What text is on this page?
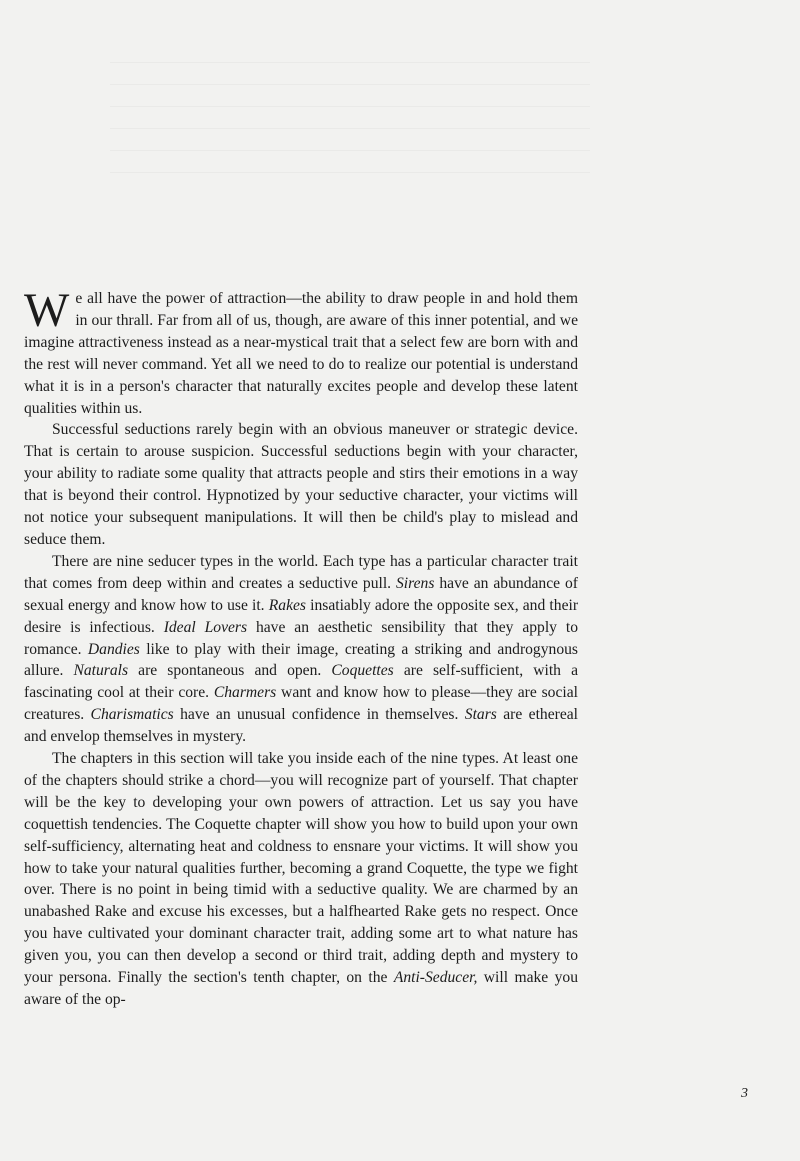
We all have the power of attraction—the ability to draw people in and hold them in our thrall. Far from all of us, though, are aware of this inner potential, and we imagine attractiveness instead as a near-mystical trait that a select few are born with and the rest will never command. Yet all we need to do to realize our potential is understand what it is in a person's character that naturally excites people and develop these latent qualities within us.

Successful seductions rarely begin with an obvious maneuver or strategic device. That is certain to arouse suspicion. Successful seductions begin with your character, your ability to radiate some quality that attracts people and stirs their emotions in a way that is beyond their control. Hypnotized by your seductive character, your victims will not notice your subsequent manipulations. It will then be child's play to mislead and seduce them.

There are nine seducer types in the world. Each type has a particular character trait that comes from deep within and creates a seductive pull. Sirens have an abundance of sexual energy and know how to use it. Rakes insatiably adore the opposite sex, and their desire is infectious. Ideal Lovers have an aesthetic sensibility that they apply to romance. Dandies like to play with their image, creating a striking and androgynous allure. Naturals are spontaneous and open. Coquettes are self-sufficient, with a fascinating cool at their core. Charmers want and know how to please—they are social creatures. Charismatics have an unusual confidence in themselves. Stars are ethereal and envelop themselves in mystery.

The chapters in this section will take you inside each of the nine types. At least one of the chapters should strike a chord—you will recognize part of yourself. That chapter will be the key to developing your own powers of attraction. Let us say you have coquettish tendencies. The Coquette chapter will show you how to build upon your own self-sufficiency, alternating heat and coldness to ensnare your victims. It will show you how to take your natural qualities further, becoming a grand Coquette, the type we fight over. There is no point in being timid with a seductive quality. We are charmed by an unabashed Rake and excuse his excesses, but a halfhearted Rake gets no respect. Once you have cultivated your dominant character trait, adding some art to what nature has given you, you can then develop a second or third trait, adding depth and mystery to your persona. Finally the section's tenth chapter, on the Anti-Seducer, will make you aware of the op-

3
